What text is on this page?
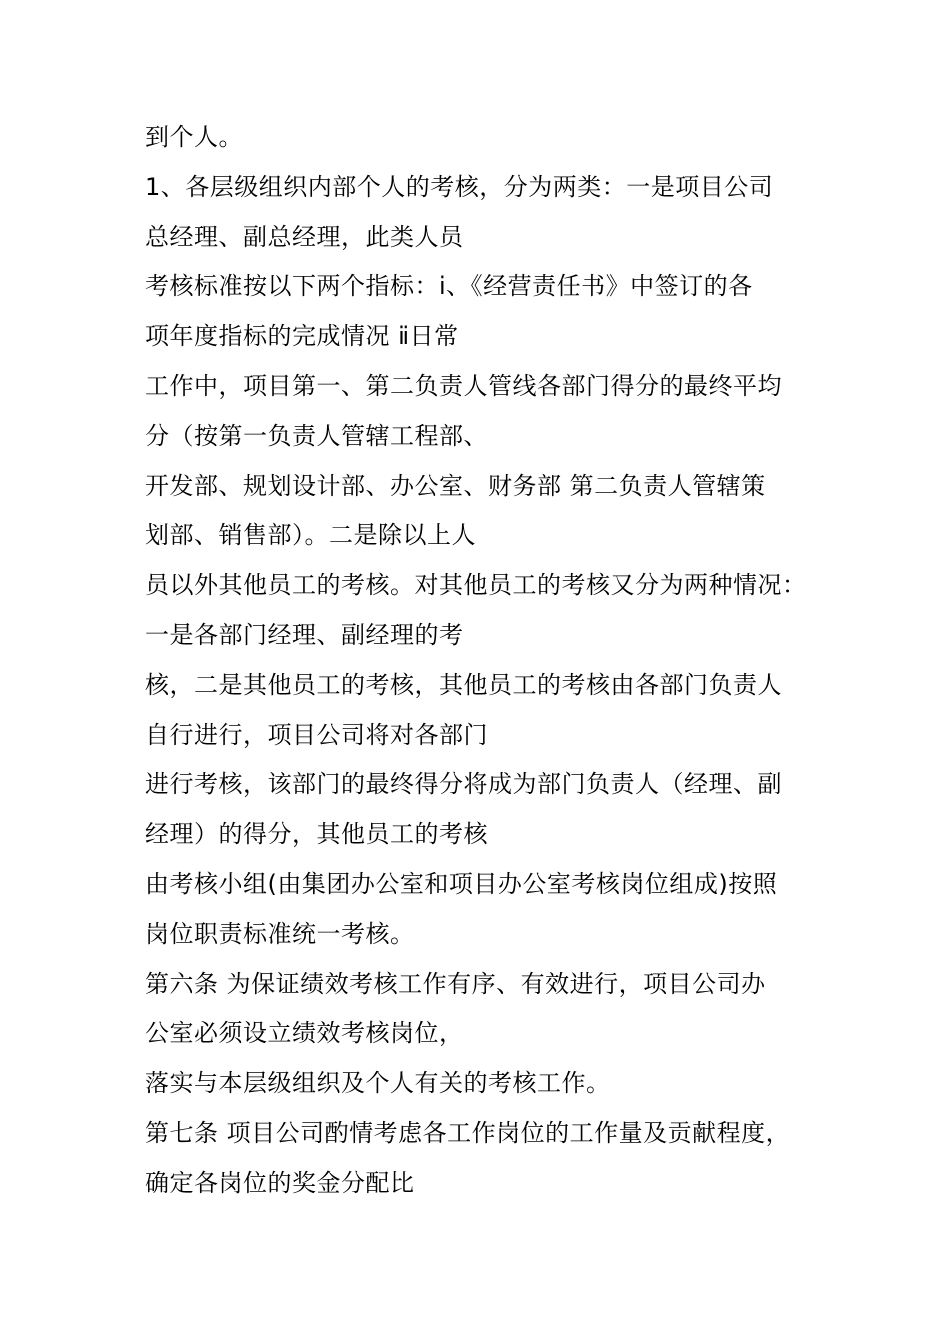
到个人。
1、各层级组织内部个人的考核，分为两类：一是项目公司
总经理、副总经理，此类人员
考核标准按以下两个指标：ⅰ、《经营责任书》中签订的各
项年度指标的完成情况 ⅱ日常
工作中，项目第一、第二负责人管线各部门得分的最终平均
分（按第一负责人管辖工程部、
开发部、规划设计部、办公室、财务部 第二负责人管辖策
划部、销售部）。二是除以上人
员以外其他员工的考核。对其他员工的考核又分为两种情况：
一是各部门经理、副经理的考
核，二是其他员工的考核，其他员工的考核由各部门负责人
自行进行，项目公司将对各部门
进行考核，该部门的最终得分将成为部门负责人（经理、副
经理）的得分，其他员工的考核
由考核小组(由集团办公室和项目办公室考核岗位组成)按照
岗位职责标准统一考核。
第六条 为保证绩效考核工作有序、有效进行，项目公司办
公室必须设立绩效考核岗位，
落实与本层级组织及个人有关的考核工作。
第七条 项目公司酌情考虑各工作岗位的工作量及贡献程度，
确定各岗位的奖金分配比
